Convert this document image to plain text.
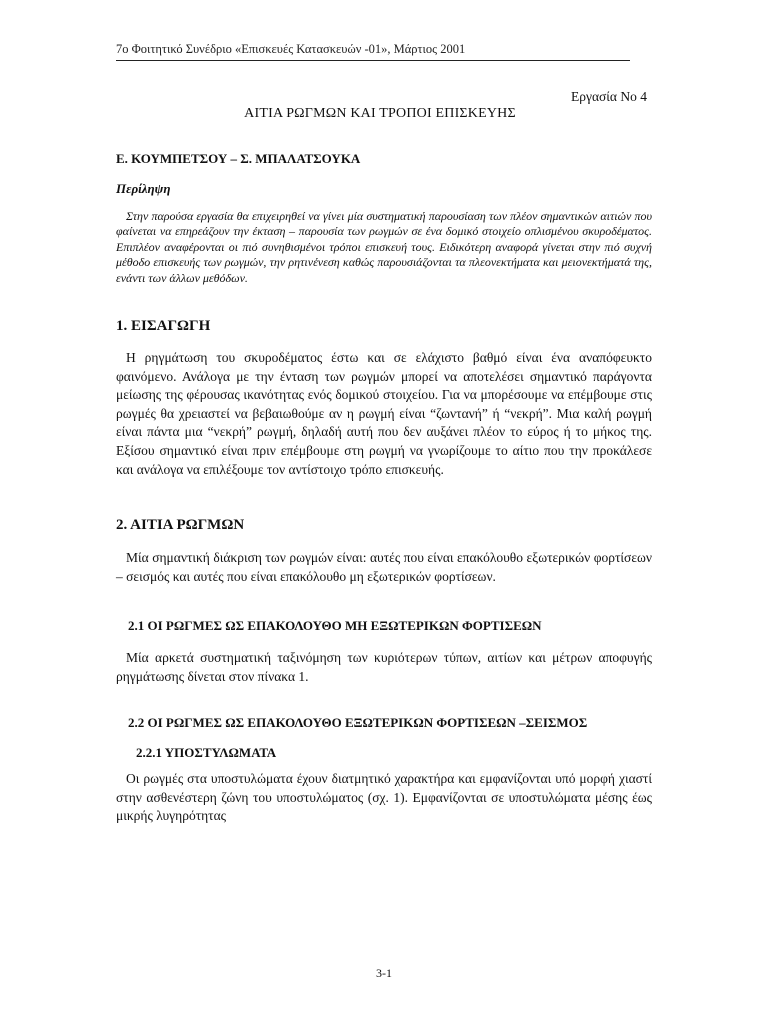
7ο Φοιτητικό Συνέδριο «Επισκευές Κατασκευών -01», Μάρτιος 2001
Εργασία Νο 4
ΑΙΤΙΑ ΡΩΓΜΩΝ ΚΑΙ ΤΡΟΠΟΙ ΕΠΙΣΚΕΥΗΣ
Ε. ΚΟΥΜΠΕΤΣΟΥ – Σ. ΜΠΑΛΑΤΣΟΥΚΑ
Περίληψη

Στην παρούσα εργασία θα επιχειρηθεί να γίνει μία συστηματική παρουσίαση των πλέον σημαντικών αιτιών που φαίνεται να επηρεάζουν την έκταση – παρουσία των ρωγμών σε ένα δομικό στοιχείο οπλισμένου σκυροδέματος. Επιπλέον αναφέρονται οι πιό συνηθισμένοι τρόποι επισκευή τους. Ειδικότερη αναφορά γίνεται στην πιό συχνή μέθοδο επισκευής των ρωγμών, την ρητινένεση καθώς παρουσιάζονται τα πλεονεκτήματα και μειονεκτήματά της, ενάντι των άλλων μεθόδων.

1. ΕΙΣΑΓΩΓΗ

Η ρηγμάτωση του σκυροδέματος έστω και σε ελάχιστο βαθμό είναι ένα αναπόφευκτο φαινόμενο. Ανάλογα με την ένταση των ρωγμών μπορεί να αποτελέσει σημαντικό παράγοντα μείωσης της φέρουσας ικανότητας ενός δομικού στοιχείου. Για να μπορέσουμε να επέμβουμε στις ρωγμές θα χρειαστεί να βεβαιωθούμε αν η ρωγμή είναι “ζωντανή” ή “νεκρή”. Μια καλή ρωγμή είναι πάντα μια “νεκρή” ρωγμή, δηλαδή αυτή που δεν αυξάνει πλέον το εύρος ή το μήκος της. Εξίσου σημαντικό είναι πριν επέμβουμε στη ρωγμή να γνωρίζουμε το αίτιο που την προκάλεσε και ανάλογα να επιλέξουμε τον αντίστοιχο τρόπο επισκευής.

2. ΑΙΤΙΑ ΡΩΓΜΩΝ

Μία σημαντική διάκριση των ρωγμών είναι: αυτές που είναι επακόλουθο εξωτερικών φορτίσεων – σεισμός και αυτές που είναι επακόλουθο μη εξωτερικών φορτίσεων.

2.1 ΟΙ ΡΩΓΜΕΣ ΩΣ ΕΠΑΚΟΛΟΥΘΟ ΜΗ ΕΞΩΤΕΡΙΚΩΝ ΦΟΡΤΙΣΕΩΝ

Μία αρκετά συστηματική ταξινόμηση των κυριότερων τύπων, αιτίων και μέτρων αποφυγής ρηγμάτωσης δίνεται στον πίνακα 1.

2.2 ΟΙ ΡΩΓΜΕΣ ΩΣ ΕΠΑΚΟΛΟΥΘΟ ΕΞΩΤΕΡΙΚΩΝ ΦΟΡΤΙΣΕΩΝ –ΣΕΙΣΜΟΣ
2.2.1 ΥΠΟΣΤΥΛΩΜΑΤΑ

Οι ρωγμές στα υποστυλώματα έχουν διατμητικό χαρακτήρα και εμφανίζονται υπό μορφή χιαστί στην ασθενέστερη ζώνη του υποστυλώματος (σχ. 1). Εμφανίζονται σε υποστυλώματα μέσης έως μικρής λυγηρότητας

3-1
